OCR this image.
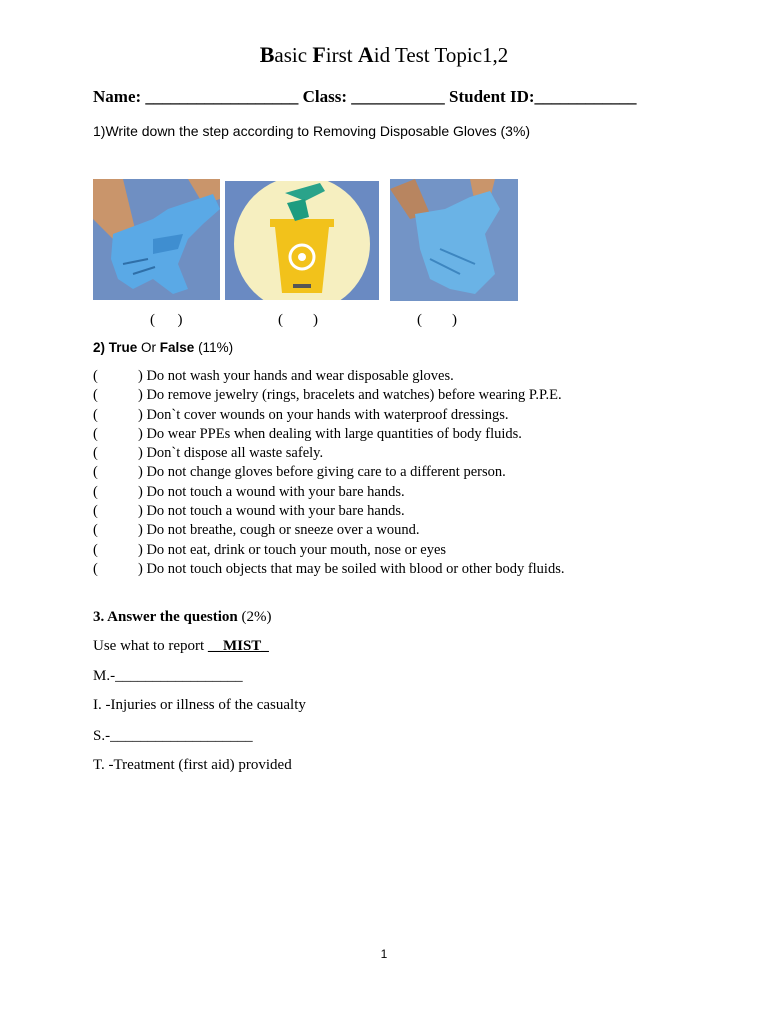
Basic First Aid Test Topic1,2
Name: __________________ Class: ___________ Student ID:____________
1)Write down the step according to Removing Disposable Gloves (3%)
(      )	(        )	(        )
2) True Or False (11%)
(	) Do not wash your hands and wear disposable gloves.
(	) Do remove jewelry (rings, bracelets and watches) before wearing P.P.E.
(	) Don`t cover wounds on your hands with waterproof dressings.
(	) Do wear PPEs when dealing with large quantities of body fluids.
(	) Don`t dispose all waste safely.
(	) Do not change gloves before giving care to a different person.
(	) Do not touch a wound with your bare hands.
(	) Do not touch a wound with your bare hands.
(	) Do not breathe, cough or sneeze over a wound.
(	) Do not eat, drink or touch your mouth, nose or eyes
(	) Do not touch objects that may be soiled with blood or other body fluids.
3. Answer the question (2%)
Use what to report __MIST_
M.-_________________
I. -Injuries or illness of the casualty
S.-___________________
T. -Treatment (first aid) provided
1
